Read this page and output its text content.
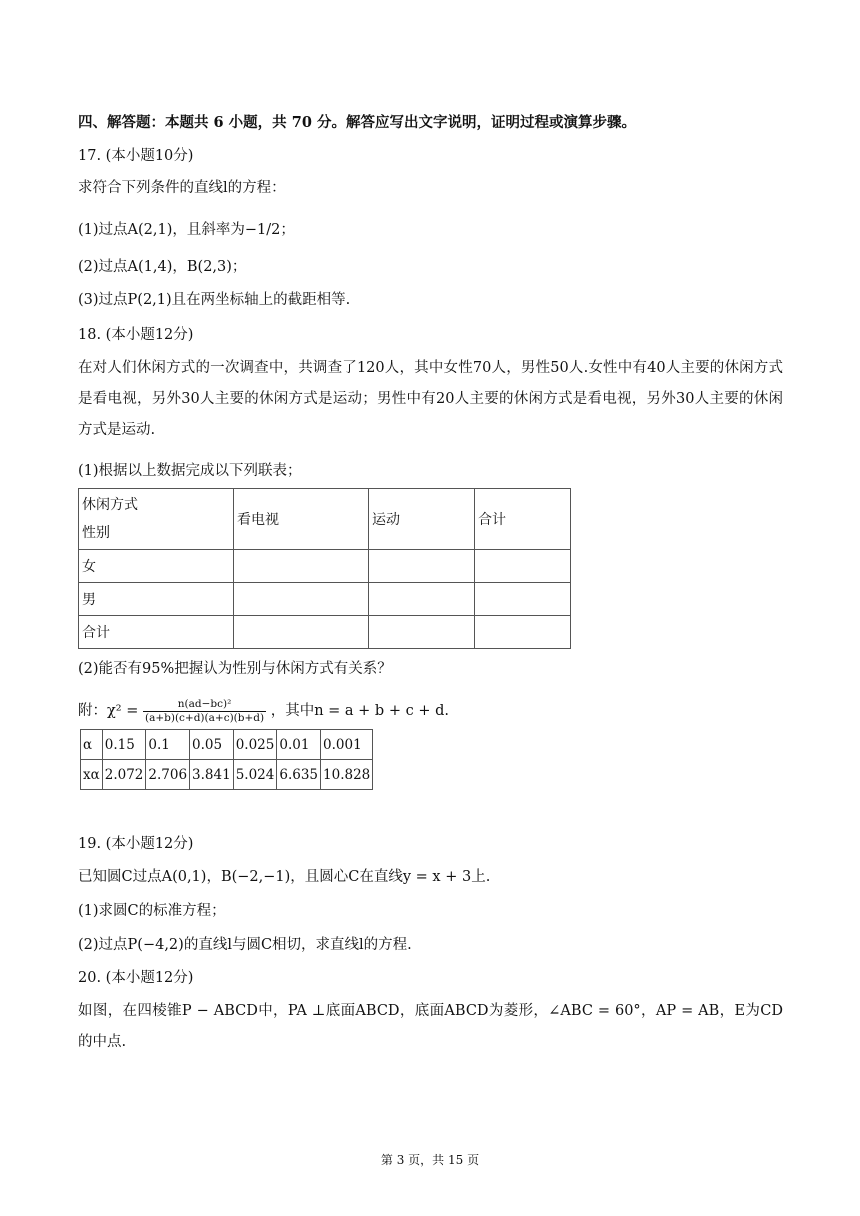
四、解答题：本题共 6 小题，共 70 分。解答应写出文字说明，证明过程或演算步骤。
17. (本小题10分)
求符合下列条件的直线l的方程：
(1)过点A(2,1)，且斜率为−1/2；
(2)过点A(1,4)，B(2,3)；
(3)过点P(2,1)且在两坐标轴上的截距相等.
18. (本小题12分)
在对人们休闲方式的一次调查中，共调查了120人，其中女性70人，男性50人.女性中有40人主要的休闲方式是看电视，另外30人主要的休闲方式是运动；男性中有20人主要的休闲方式是看电视，另外30人主要的休闲方式是运动.
(1)根据以上数据完成以下列联表；
休闲方式
性别	看电视	运动	合计
女			
男			
合计			
(2)能否有95%把握认为性别与休闲方式有关系？
附：$\chi^2 = \frac{\text{n(ad−bc)²}}{(a+b)(c+d)(a+c)(b+d)}$ ，其中n = a + b + c + d.
α	0.15	0.1	0.05	0.025	0.01	0.001
xα	2.072	2.706	3.841	5.024	6.635	10.828
19. (本小题12分)
已知圆C过点A(0,1)，B(−2,−1)，且圆心C在直线y = x + 3上.
(1)求圆C的标准方程；
(2)过点P(−4,2)的直线l与圆C相切，求直线l的方程.
20. (本小题12分)
如图，在四棱锥P − ABCD中，PA ⊥底面ABCD，底面ABCD为菱形，∠ABC = 60°，AP = AB，E为CD的中点.
第 3 页，共 15 页
